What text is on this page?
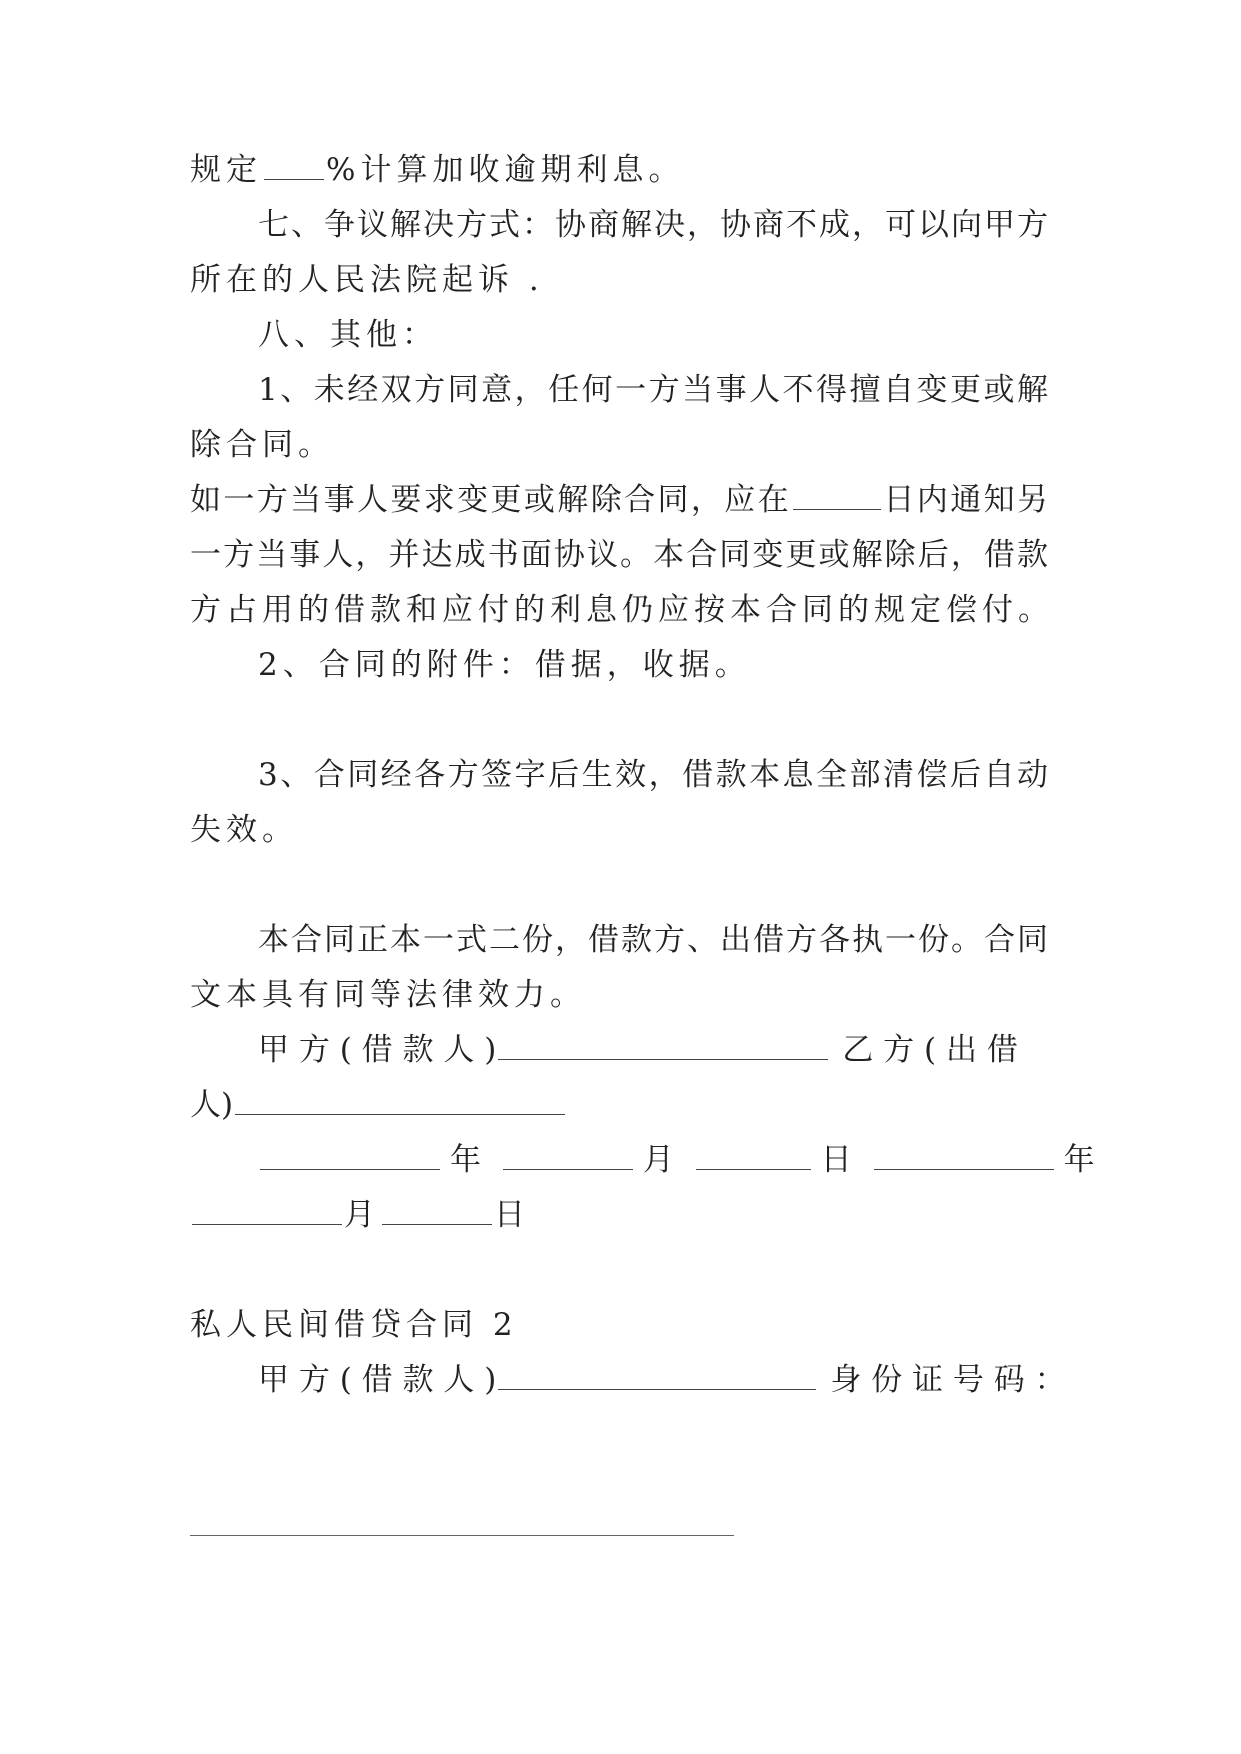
规定 %计算加收逾期利息。
七、争议解决方式：协商解决，协商不成，可以向甲方
所在的人民法院起诉 .
八、其他：
1、未经双方同意，任何一方当事人不得擅自变更或解
除合同。
如一方当事人要求变更或解除合同，应在	日内通知另
一方当事人，并达成书面协议。本合同变更或解除后，借款
方占用的借款和应付的利息仍应按本合同的规定偿付。
2、合同的附件：借据，收据。
3、合同经各方签字后生效，借款本息全部清偿后自动
失效。
本合同正本一式二份，借款方、出借方各执一份。合同
文本具有同等法律效力。
甲 方 ( 借 款 人 )	乙 方 ( 出 借
人)
年	月	日	年
月	日
私人民间借贷合同 2
甲 方 ( 借 款 人 )	身 份 证 号 码 ：
